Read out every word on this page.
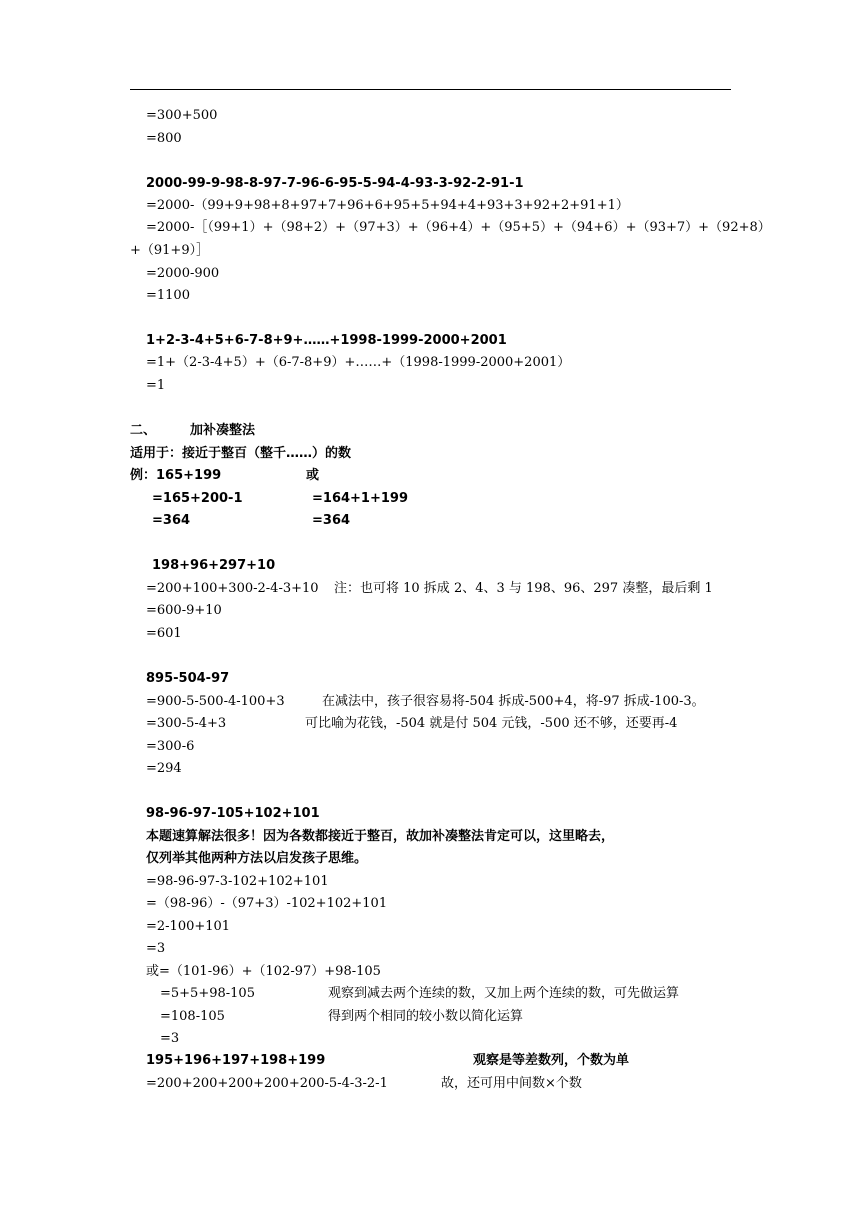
=300+500
=800
2000-99-9-98-8-97-7-96-6-95-5-94-4-93-3-92-2-91-1
=2000-（99+9+98+8+97+7+96+6+95+5+94+4+93+3+92+2+91+1）
=2000-［（99+1）+（98+2）+（97+3）+（96+4）+（95+5）+（94+6）+（93+7）+（92+8）
+（91+9）］
=2000-900
=1100
1+2-3-4+5+6-7-8+9+……+1998-1999-2000+2001
=1+（2-3-4+5）+（6-7-8+9）+……+（1998-1999-2000+2001）
=1
二、	加补凑整法
适用于：接近于整百（整千……）的数
例：165+199	或
=165+200-1	=164+1+199
=364	=364
198+96+297+10
=200+100+300-2-4-3+10 注：也可将 10 拆成 2、4、3 与 198、96、297 凑整，最后剩 1
=600-9+10
=601
895-504-97
=900-5-500-4-100+3	在减法中，孩子很容易将-504 拆成-500+4，将-97 拆成-100-3。
=300-5-4+3	可比喻为花钱，-504 就是付 504 元钱，-500 还不够，还要再-4
=300-6
=294
98-96-97-105+102+101
本题速算解法很多！因为各数都接近于整百，故加补凑整法肯定可以，这里略去，
仅列举其他两种方法以启发孩子思维。
=98-96-97-3-102+102+101
=（98-96）-（97+3）-102+102+101
=2-100+101
=3
或=（101-96）+（102-97）+98-105
=5+5+98-105	观察到减去两个连续的数，又加上两个连续的数，可先做运算
=108-105	得到两个相同的较小数以简化运算
=3
195+196+197+198+199	观察是等差数列，个数为单
=200+200+200+200+200-5-4-3-2-1	故，还可用中间数×个数
